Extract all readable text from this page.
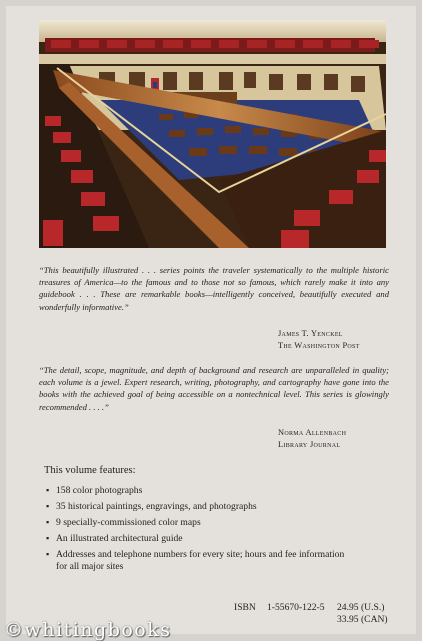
“This beautifully illustrated . . . series points the traveler systematically to the multiple historic treasures of America—to the famous and to those not so famous, which rarely make it into any guidebook . . . These are remarkable books—intelligently conceived, beautifully executed and wonderfully informative.”

James T. Yenckel
The Washington Post

“The detail, scope, magnitude, and depth of background and research are unparalleled in quality; each volume is a jewel. Expert research, writing, photography, and cartography have gone into the books with the achieved goal of being accessible on a nontechnical level. This series is glowingly recommended . . . .”

Norma Allenbach
Library Journal

This volume features:

▪ 158 color photographs
▪ 35 historical paintings, engravings, and photographs
▪ 9 specially-commissioned color maps
▪ An illustrated architectural guide
▪ Addresses and telephone numbers for every site; hours and fee information for all major sites
ISBN	1-55670-122-5	24.95 (U.S.)
33.95 (CAN)
©whitingbooks
